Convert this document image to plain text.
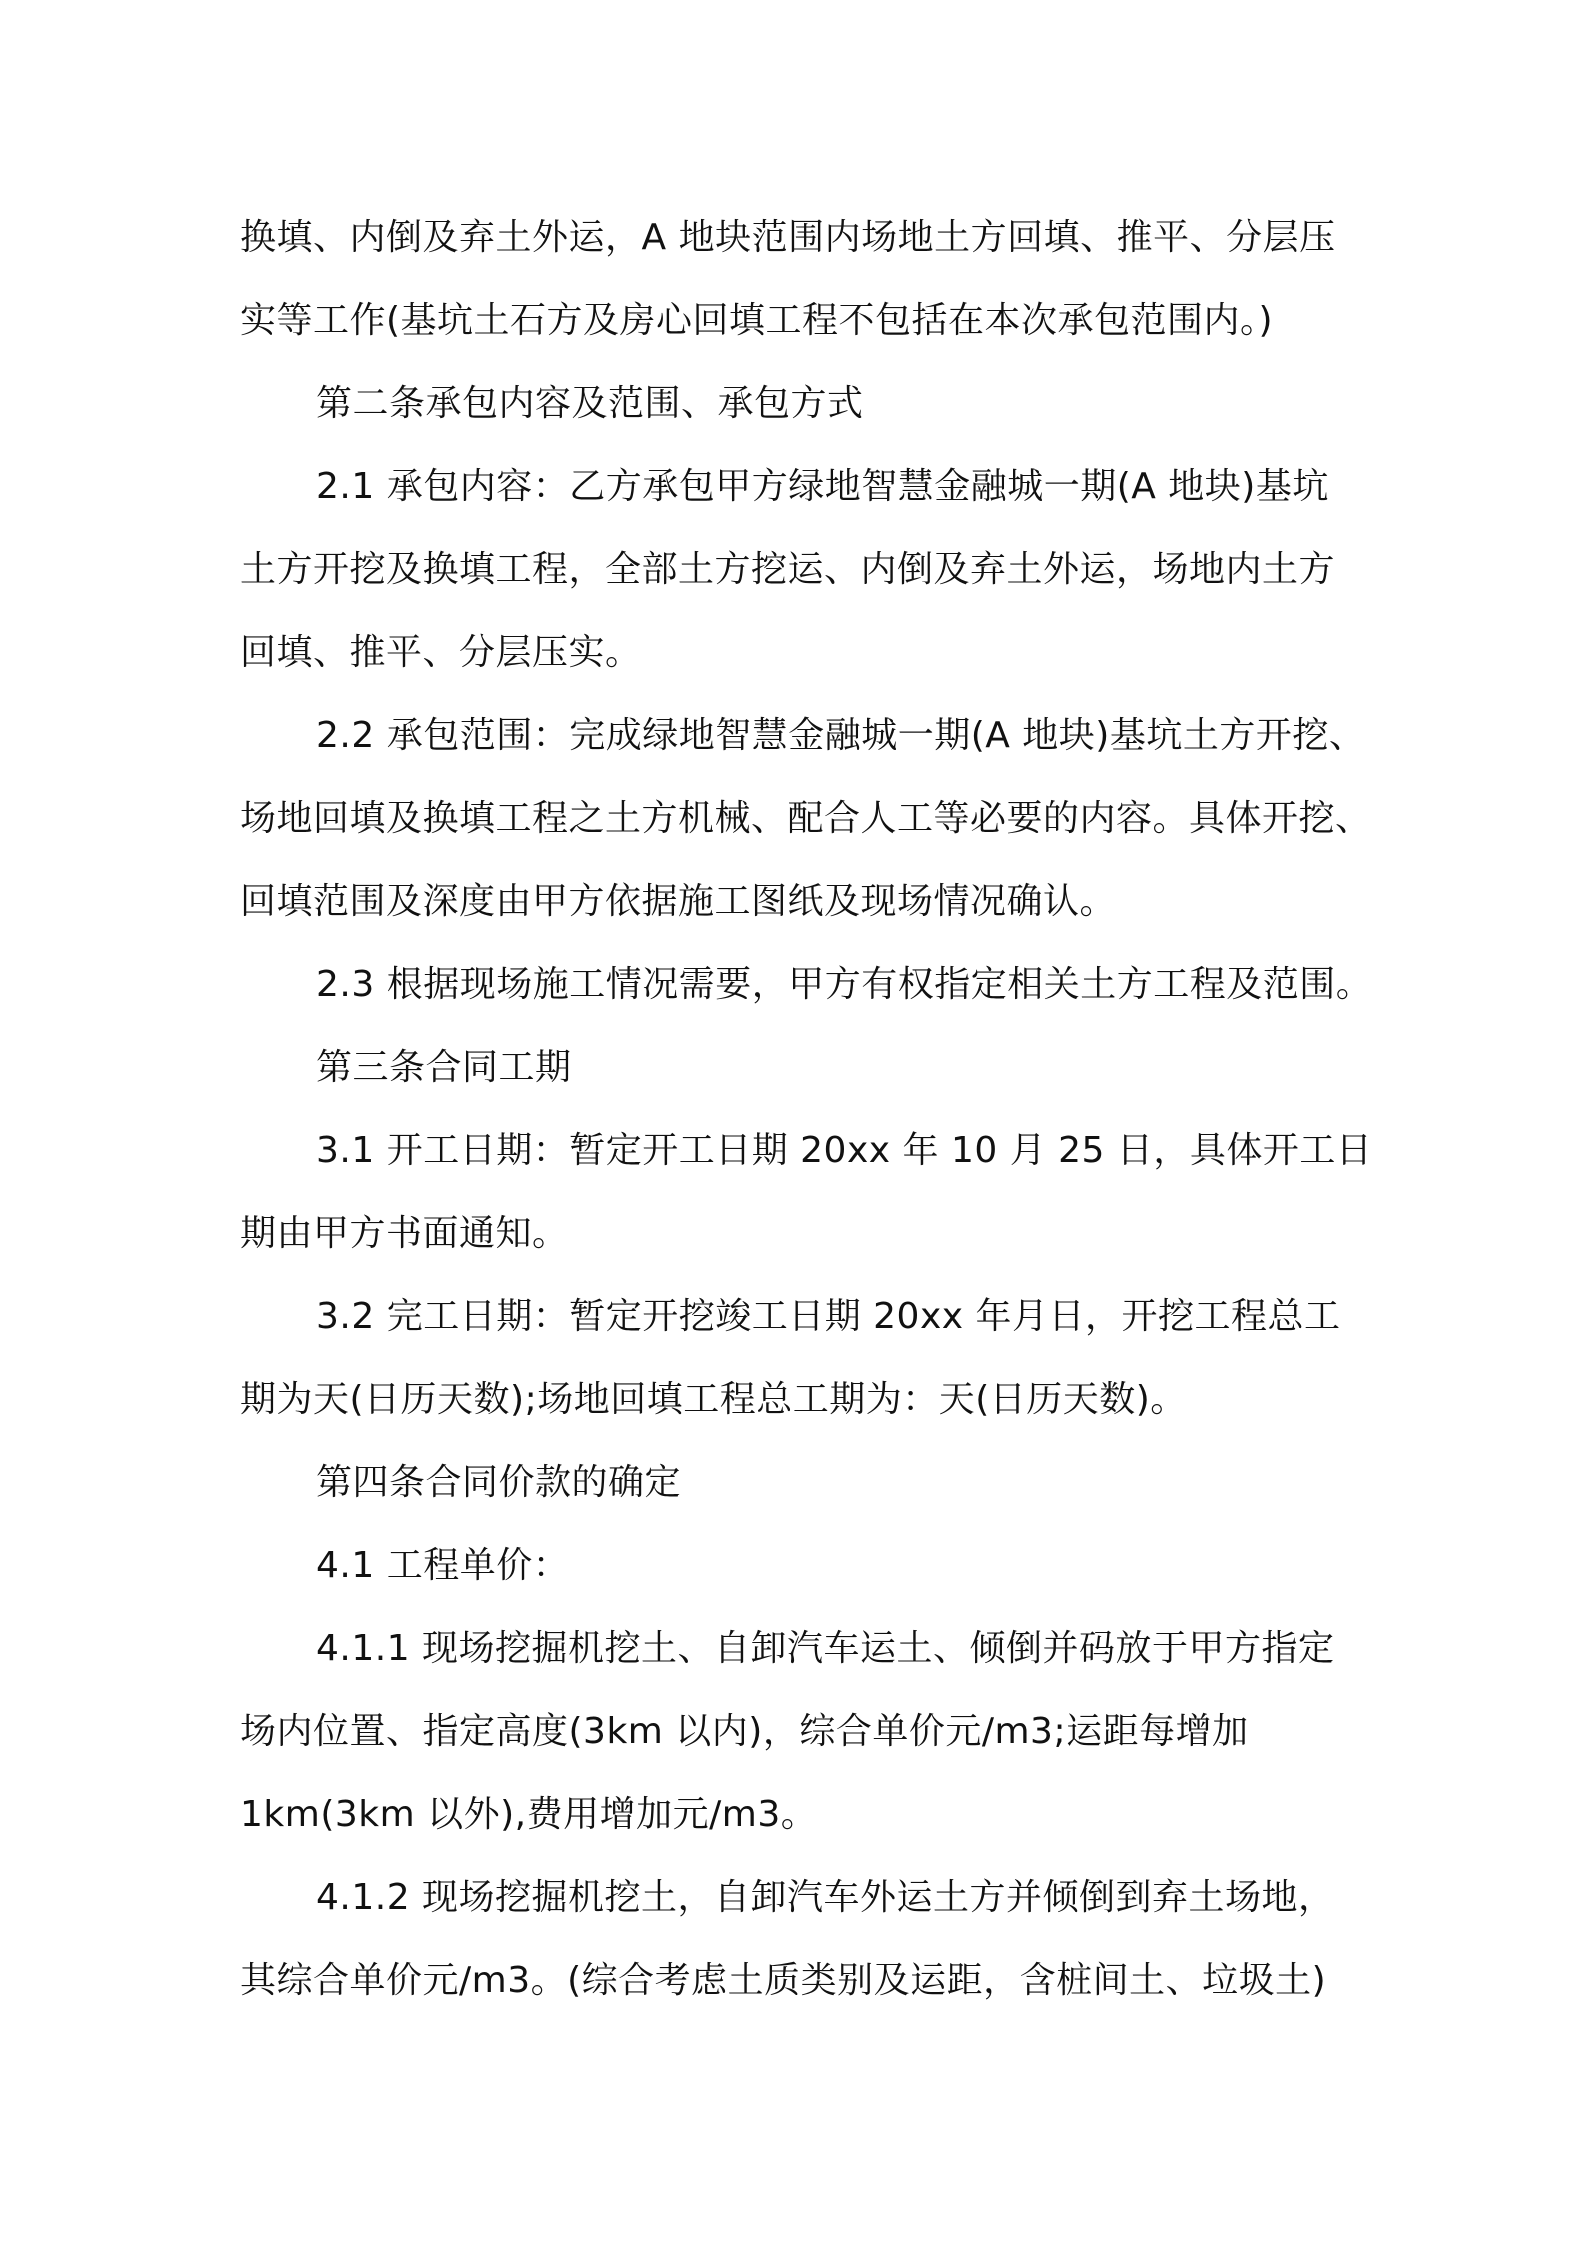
换填、内倒及弃土外运，A 地块范围内场地土方回填、推平、分层压
实等工作(基坑土石方及房心回填工程不包括在本次承包范围内。)
第二条承包内容及范围、承包方式
2.1 承包内容：乙方承包甲方绿地智慧金融城一期(A 地块)基坑
土方开挖及换填工程，全部土方挖运、内倒及弃土外运，场地内土方
回填、推平、分层压实。
2.2 承包范围：完成绿地智慧金融城一期(A 地块)基坑土方开挖、
场地回填及换填工程之土方机械、配合人工等必要的内容。具体开挖、
回填范围及深度由甲方依据施工图纸及现场情况确认。
2.3 根据现场施工情况需要，甲方有权指定相关土方工程及范围。
第三条合同工期
3.1 开工日期：暂定开工日期 20xx 年 10 月 25 日，具体开工日
期由甲方书面通知。
3.2 完工日期：暂定开挖竣工日期 20xx 年月日，开挖工程总工
期为天(日历天数);场地回填工程总工期为：天(日历天数)。
第四条合同价款的确定
4.1 工程单价：
4.1.1 现场挖掘机挖土、自卸汽车运土、倾倒并码放于甲方指定
场内位置、指定高度(3km 以内)，综合单价元/m3;运距每增加
1km(3km 以外),费用增加元/m3。
4.1.2 现场挖掘机挖土，自卸汽车外运土方并倾倒到弃土场地，
其综合单价元/m3。(综合考虑土质类别及运距，含桩间土、垃圾土)
